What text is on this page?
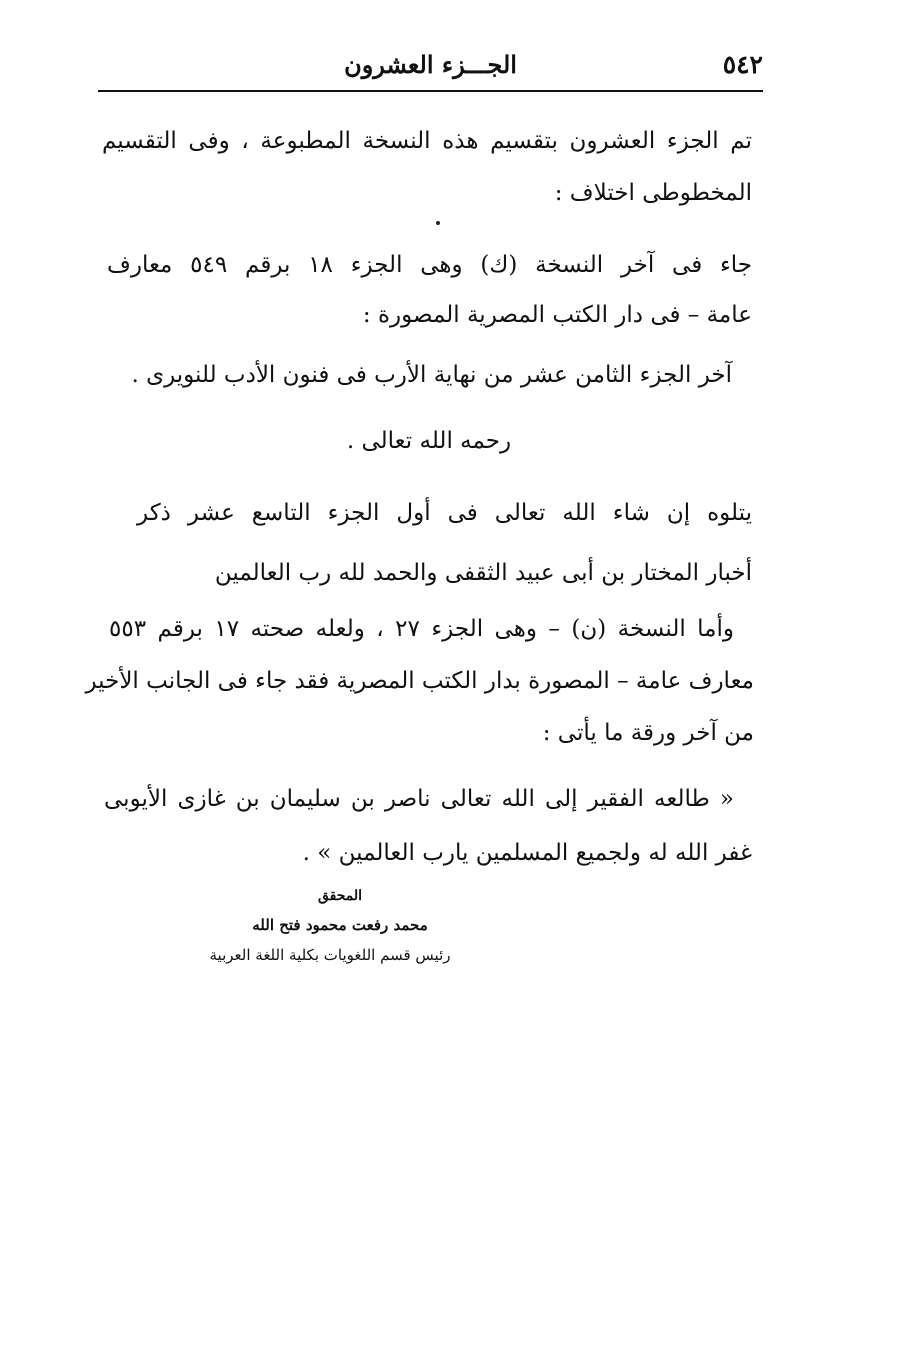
٥٤٢
الجـــزء العشرون
تم الجزء العشرون بتقسيم هذه النسخة المطبوعة ، وفى التقسيم
المخطوطى اختلاف :
جاء فى آخر النسخة (ك) وهى الجزء ١٨ برقم ٥٤٩ معارف
عامة – فى دار الكتب المصرية المصورة :
آخر الجزء الثامن عشر من نهاية الأرب فى فنون الأدب للنويرى .
رحمه الله تعالى .
يتلوه إن شاء الله تعالى فى أول الجزء التاسع عشر ذكر
أخبار المختار بن أبى عبيد الثقفى والحمد لله رب العالمين
وأما النسخة (ن) – وهى الجزء ٢٧ ، ولعله صحته ١٧ برقم ٥٥٣
معارف عامة – المصورة بدار الكتب المصرية فقد جاء فى الجانب الأخير
من آخر ورقة ما يأتى :
« طالعه الفقير إلى الله تعالى ناصر بن سليمان بن غازى الأيوبى
غفر الله له ولجميع المسلمين يارب العالمين » .
المحقق
محمد رفعت محمود فتح الله
رئيس قسم اللغويات بكلية اللغة العربية
